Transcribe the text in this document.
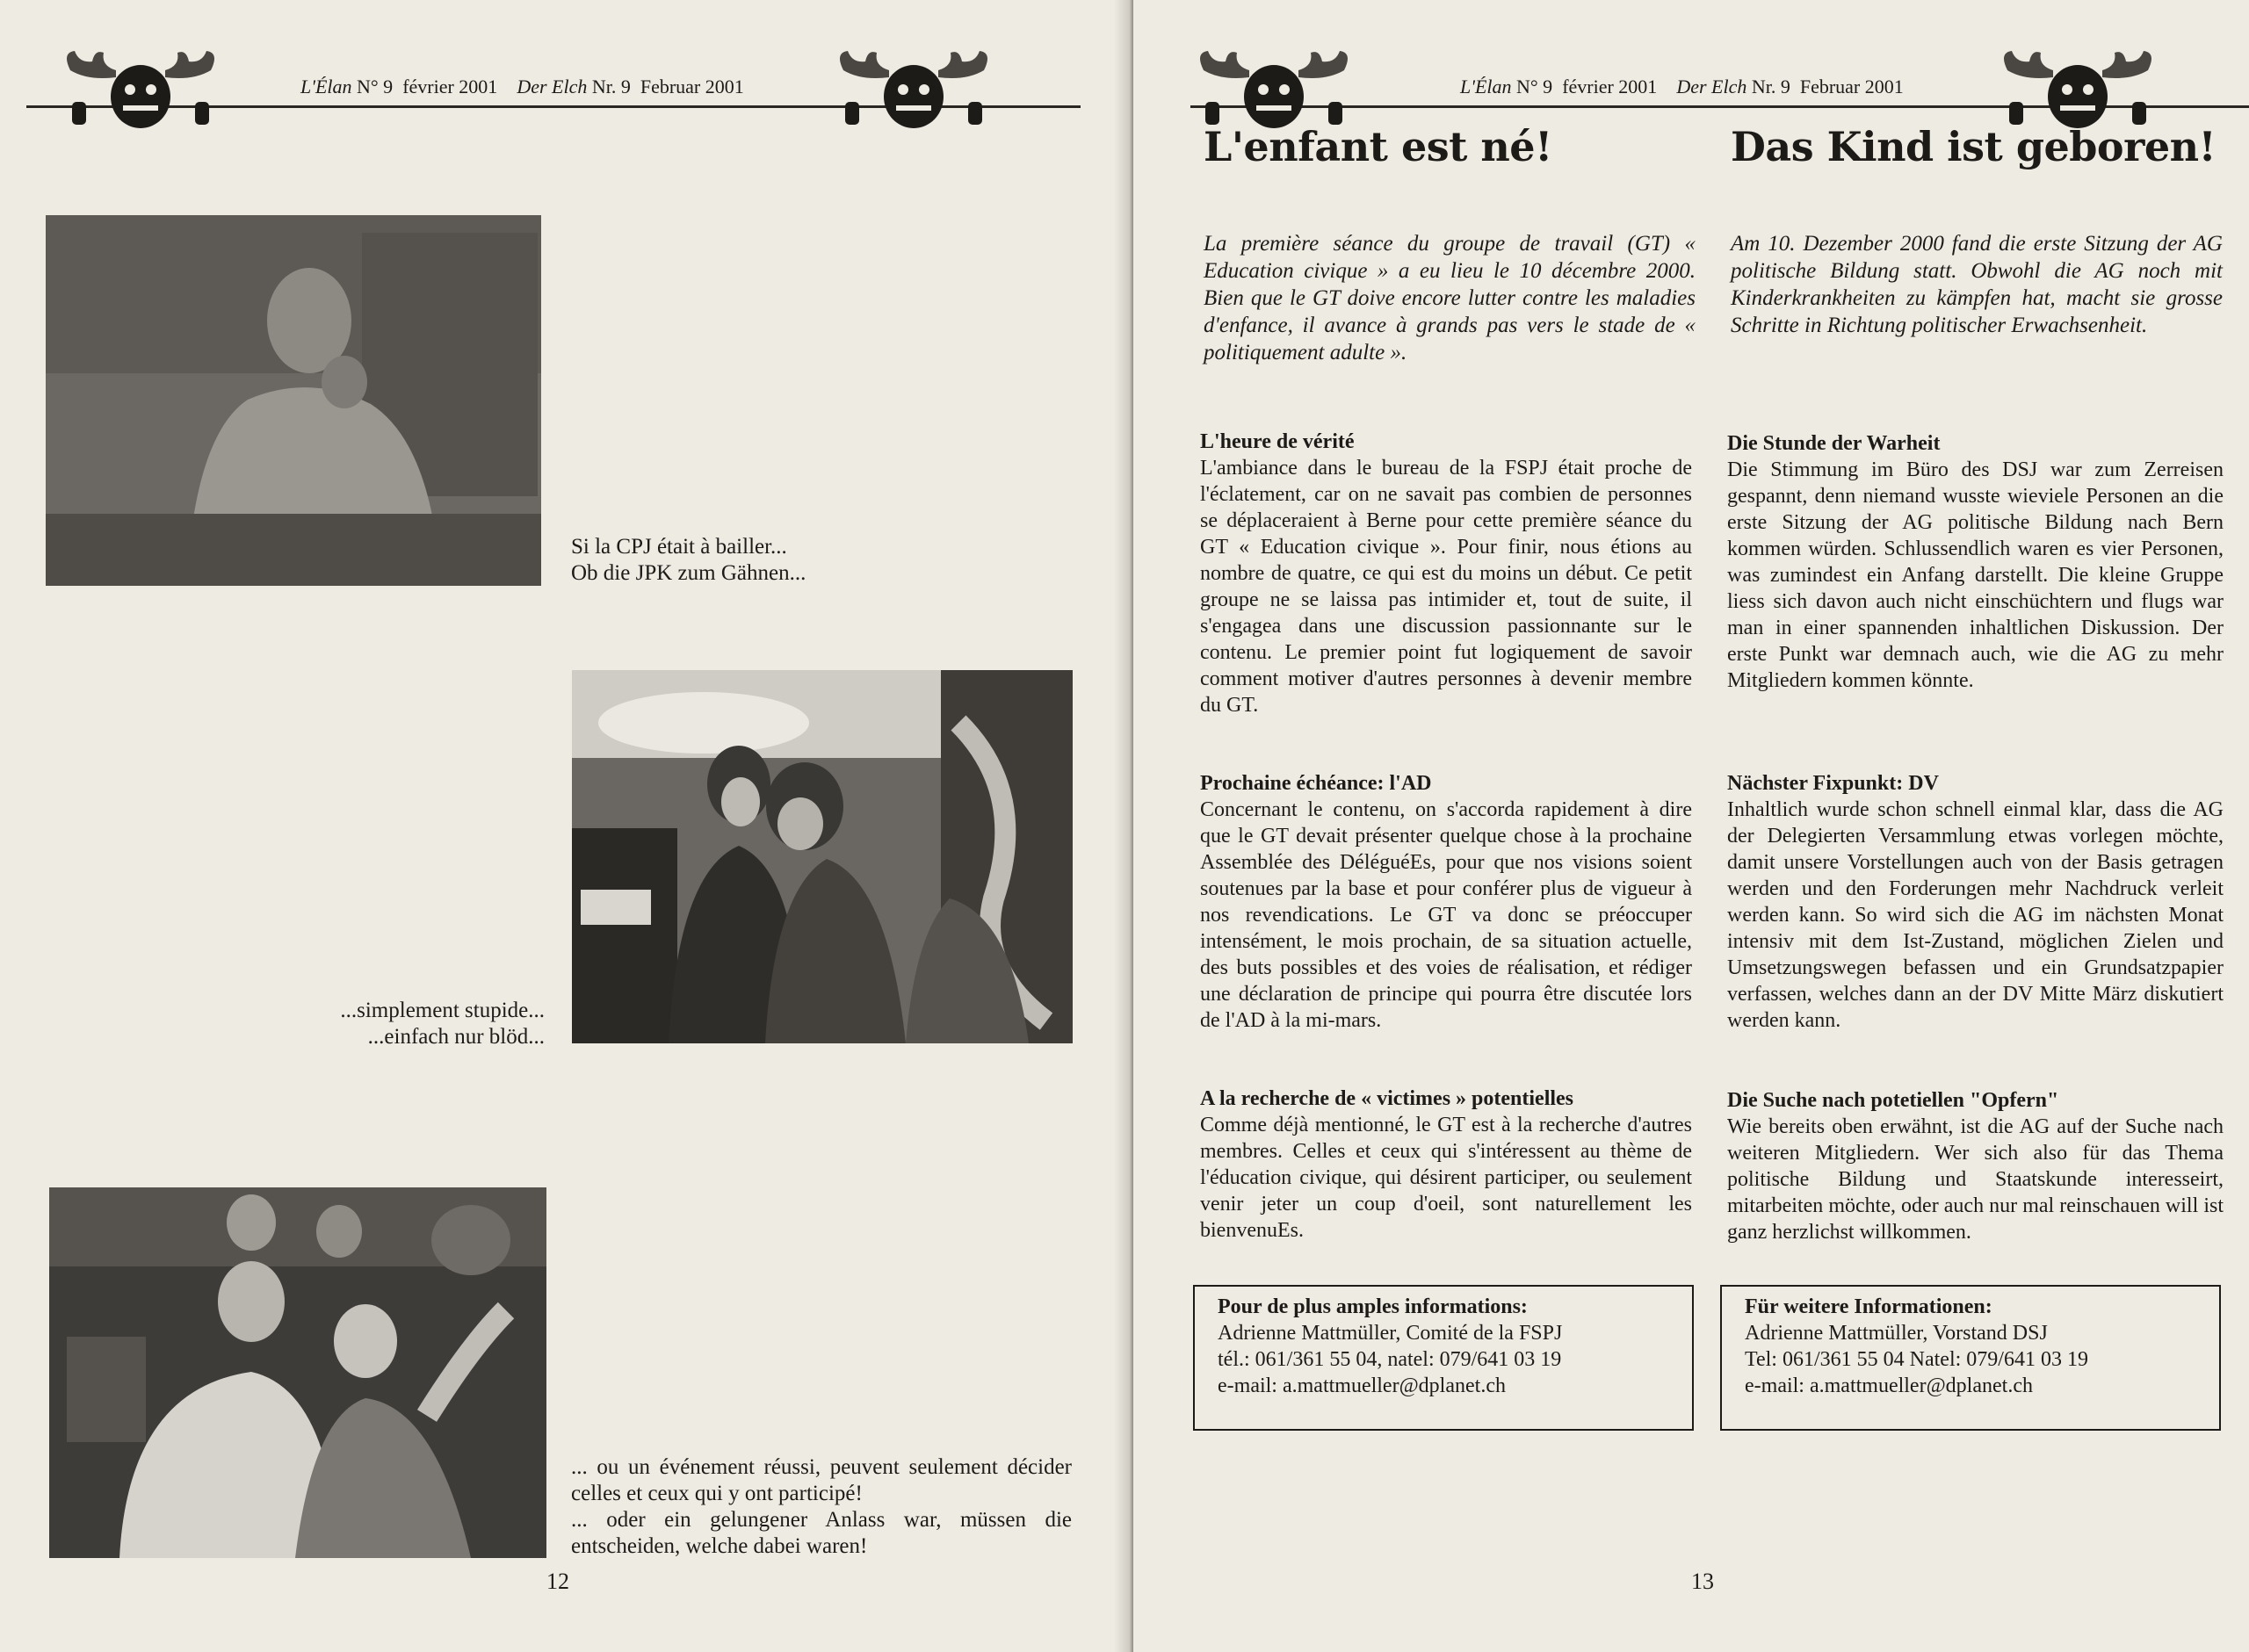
L'Élan N° 9 février 2001 Der Elch Nr. 9 Februar 2001

Si la CPJ était à bailler...

Ob die JPK zum Gähnen...

...simplement stupide...

...einfach nur blöd...

... ou un événement réussi, peuvent seulement décider celles et ceux qui y ont participé!

... oder ein gelungener Anlass war, müssen die entscheiden, welche dabei waren!

12
L'Élan N° 9 février 2001 Der Elch Nr. 9 Februar 2001
L'enfant est né!	Das Kind ist geboren!
La première séance du groupe de travail (GT) « Education civique » a eu lieu le 10 décembre 2000. Bien que le GT doive encore lutter contre les maladies d'enfance, il avance à grands pas vers le stade de « politiquement adulte ».
Am 10. Dezember 2000 fand die erste Sitzung der AG politische Bildung statt. Obwohl die AG noch mit Kinderkrankheiten zu kämpfen hat, macht sie grosse Schritte in Richtung politischer Erwachsenheit.
L'heure de vérité

L'ambiance dans le bureau de la FSPJ était proche de l'éclatement, car on ne savait pas combien de personnes se déplaceraient à Berne pour cette première séance du GT « Education civique ». Pour finir, nous étions au nombre de quatre, ce qui est du moins un début. Ce petit groupe ne se laissa pas intimider et, tout de suite, il s'engagea dans une discussion passionnante sur le contenu. Le premier point fut logiquement de savoir comment motiver d'autres personnes à devenir membre du GT.

Die Stunde der Warheit

Die Stimmung im Büro des DSJ war zum Zerreisen gespannt, denn niemand wusste wieviele Personen an die erste Sitzung der AG politische Bildung nach Bern kommen würden. Schlussendlich waren es vier Personen, was zumindest ein Anfang darstellt. Die kleine Gruppe liess sich davon auch nicht einschüchtern und flugs war man in einer spannenden inhaltlichen Diskussion. Der erste Punkt war demnach auch, wie die AG zu mehr Mitgliedern kommen könnte.

Prochaine échéance: l'AD

Concernant le contenu, on s'accorda rapidement à dire que le GT devait présenter quelque chose à la prochaine Assemblée des DéléguéEs, pour que nos visions soient soutenues par la base et pour conférer plus de vigueur à nos revendications. Le GT va donc se préoccuper intensément, le mois prochain, de sa situation actuelle, des buts possibles et des voies de réalisation, et rédiger une déclaration de principe qui pourra être discutée lors de l'AD à la mi-mars.

Nächster Fixpunkt: DV

Inhaltlich wurde schon schnell einmal klar, dass die AG der Delegierten Versammlung etwas vorlegen möchte, damit unsere Vorstellungen auch von der Basis getragen werden und den Forderungen mehr Nachdruck verleit werden kann. So wird sich die AG im nächsten Monat intensiv mit dem Ist-Zustand, möglichen Zielen und Umsetzungswegen befassen und ein Grundsatzpapier verfassen, welches dann an der DV Mitte März diskutiert werden kann.

A la recherche de « victimes » potentielles

Comme déjà mentionné, le GT est à la recherche d'autres membres. Celles et ceux qui s'intéressent au thème de l'éducation civique, qui désirent participer, ou seulement venir jeter un coup d'oeil, sont naturellement les bienvenuEs.

Die Suche nach potetiellen "Opfern"

Wie bereits oben erwähnt, ist die AG auf der Suche nach weiteren Mitgliedern. Wer sich also für das Thema politische Bildung und Staatskunde interesseirt, mitarbeiten möchte, oder auch nur mal reinschauen will ist ganz herzlichst willkommen.

Pour de plus amples informations:
Adrienne Mattmüller, Comité de la FSPJ
tél.: 061/361 55 04, natel: 079/641 03 19
e-mail: a.mattmueller@dplanet.ch
Für weitere Informationen:
Adrienne Mattmüller, Vorstand DSJ
Tel: 061/361 55 04 Natel: 079/641 03 19
e-mail: a.mattmueller@dplanet.ch
13
